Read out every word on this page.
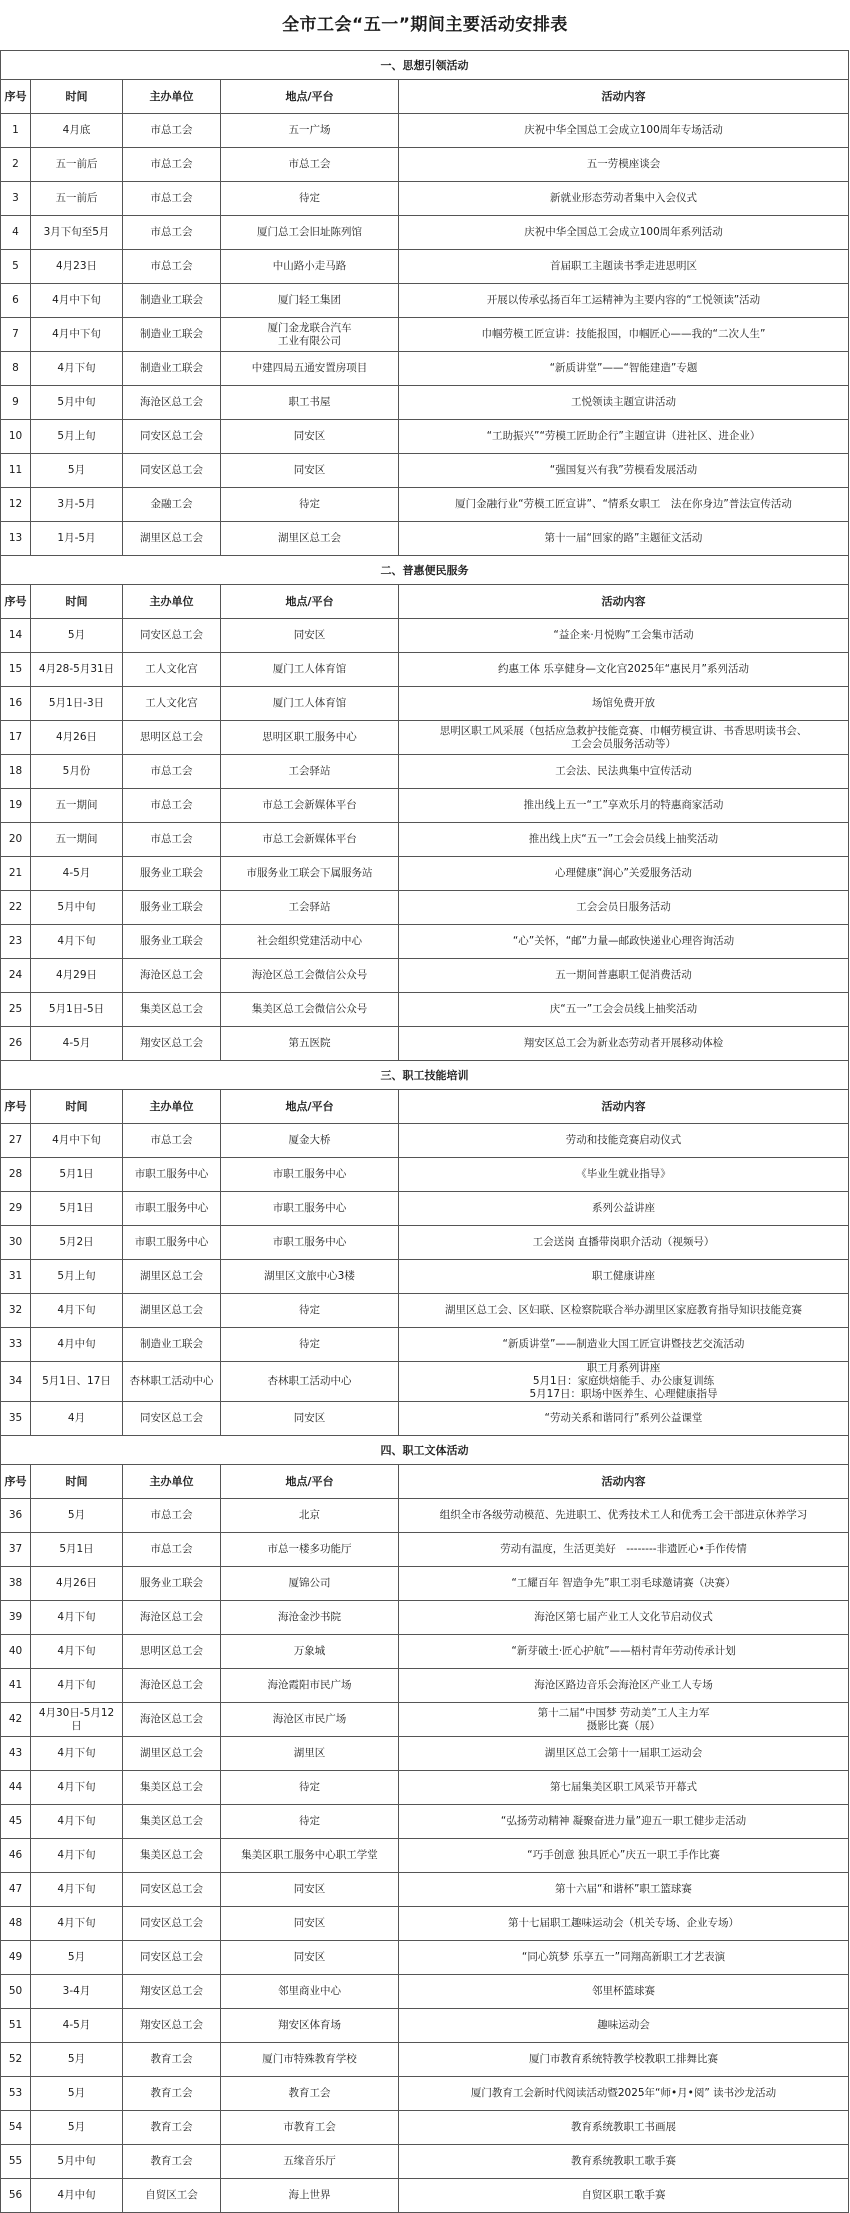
全市工会“五一”期间主要活动安排表
一、思想引领活动				
序号	时间	主办单位	地点/平台	活动内容
1	4月底	市总工会	五一广场	庆祝中华全国总工会成立100周年专场活动
2	五一前后	市总工会	市总工会	五一劳模座谈会
3	五一前后	市总工会	待定	新就业形态劳动者集中入会仪式
4	3月下旬至5月	市总工会	厦门总工会旧址陈列馆	庆祝中华全国总工会成立100周年系列活动
5	4月23日	市总工会	中山路小走马路	首届职工主题读书季走进思明区
6	4月中下旬	制造业工联会	厦门轻工集团	开展以传承弘扬百年工运精神为主要内容的“工悦领读”活动
7	4月中下旬	制造业工联会	厦门金龙联合汽车
工业有限公司	巾帼劳模工匠宣讲：技能报国，巾帼匠心——我的“二次人生”
8	4月下旬	制造业工联会	中建四局五通安置房项目	“新质讲堂”——“智能建造”专题
9	5月中旬	海沧区总工会	职工书屋	工悦领读主题宣讲活动
10	5月上旬	同安区总工会	同安区	“工助振兴”“劳模工匠助企行”主题宣讲（进社区、进企业）
11	5月	同安区总工会	同安区	“强国复兴有我”劳模看发展活动
12	3月-5月	金融工会	待定	厦门金融行业“劳模工匠宣讲”、“情系女职工　法在你身边”普法宣传活动
13	1月-5月	湖里区总工会	湖里区总工会	第十一届“回家的路”主题征文活动
二、普惠便民服务				
序号	时间	主办单位	地点/平台	活动内容
14	5月	同安区总工会	同安区	“益企来·月悦购”工会集市活动
15	4月28-5月31日	工人文化宫	厦门工人体育馆	约惠工体 乐享健身—文化宫2025年“惠民月”系列活动
16	5月1日-3日	工人文化宫	厦门工人体育馆	场馆免费开放
17	4月26日	思明区总工会	思明区职工服务中心	思明区职工风采展（包括应急救护技能竞赛、巾帼劳模宣讲、书香思明读书会、
工会会员服务活动等）
18	5月份	市总工会	工会驿站	工会法、民法典集中宣传活动
19	五一期间	市总工会	市总工会新媒体平台	推出线上五一“工”享欢乐月的特惠商家活动
20	五一期间	市总工会	市总工会新媒体平台	推出线上庆“五一”工会会员线上抽奖活动
21	4-5月	服务业工联会	市服务业工联会下属服务站	心理健康“润心”关爱服务活动
22	5月中旬	服务业工联会	工会驿站	工会会员日服务活动
23	4月下旬	服务业工联会	社会组织党建活动中心	“心”关怀，“邮”力量—邮政快递业心理咨询活动
24	4月29日	海沧区总工会	海沧区总工会微信公众号	五一期间普惠职工促消费活动
25	5月1日-5日	集美区总工会	集美区总工会微信公众号	庆“五一”工会会员线上抽奖活动
26	4-5月	翔安区总工会	第五医院	翔安区总工会为新业态劳动者开展移动体检
三、职工技能培训				
序号	时间	主办单位	地点/平台	活动内容
27	4月中下旬	市总工会	厦金大桥	劳动和技能竞赛启动仪式
28	5月1日	市职工服务中心	市职工服务中心	《毕业生就业指导》
29	5月1日	市职工服务中心	市职工服务中心	系列公益讲座
30	5月2日	市职工服务中心	市职工服务中心	工会送岗 直播带岗职介活动（视频号）
31	5月上旬	湖里区总工会	湖里区文旅中心3楼	职工健康讲座
32	4月下旬	湖里区总工会	待定	湖里区总工会、区妇联、区检察院联合举办湖里区家庭教育指导知识技能竞赛
33	4月中旬	制造业工联会	待定	“新质讲堂”——制造业大国工匠宣讲暨技艺交流活动
34	5月1日、17日	杏林职工活动中心	杏林职工活动中心	职工月系列讲座
5月1日：家庭烘焙能手、办公康复训练
5月17日：职场中医养生、心理健康指导
35	4月	同安区总工会	同安区	“劳动关系和谐同行”系列公益课堂
四、职工文体活动				
序号	时间	主办单位	地点/平台	活动内容
36	5月	市总工会	北京	组织全市各级劳动模范、先进职工、优秀技术工人和优秀工会干部进京休养学习
37	5月1日	市总工会	市总一楼多功能厅	劳动有温度，生活更美好　--------非遗匠心•手作传情
38	4月26日	服务业工联会	厦锦公司	“工耀百年 智造争先”职工羽毛球邀请赛（决赛）
39	4月下旬	海沧区总工会	海沧金沙书院	海沧区第七届产业工人文化节启动仪式
40	4月下旬	思明区总工会	万象城	“新芽破土·匠心护航”——梧村青年劳动传承计划
41	4月下旬	海沧区总工会	海沧霞阳市民广场	海沧区路边音乐会海沧区产业工人专场
42	4月30日-5月12日	海沧区总工会	海沧区市民广场	第十二届“中国梦 劳动美”工人主力军
摄影比赛（展）
43	4月下旬	湖里区总工会	湖里区	湖里区总工会第十一届职工运动会
44	4月下旬	集美区总工会	待定	第七届集美区职工风采节开幕式
45	4月下旬	集美区总工会	待定	“弘扬劳动精神 凝聚奋进力量”迎五一职工健步走活动
46	4月下旬	集美区总工会	集美区职工服务中心职工学堂	“巧手创意 独具匠心”庆五一职工手作比赛
47	4月下旬	同安区总工会	同安区	第十六届“和谐杯”职工篮球赛
48	4月下旬	同安区总工会	同安区	第十七届职工趣味运动会（机关专场、企业专场）
49	5月	同安区总工会	同安区	“同心筑梦 乐享五一”同翔高新职工才艺表演
50	3-4月	翔安区总工会	邻里商业中心	邻里杯篮球赛
51	4-5月	翔安区总工会	翔安区体育场	趣味运动会
52	5月	教育工会	厦门市特殊教育学校	厦门市教育系统特教学校教职工排舞比赛
53	5月	教育工会	教育工会	厦门教育工会新时代阅读活动暨2025年“师•月•阅” 读书沙龙活动
54	5月	教育工会	市教育工会	教育系统教职工书画展
55	5月中旬	教育工会	五缘音乐厅	教育系统教职工歌手赛
56	4月中旬	自贸区工会	海上世界	自贸区职工歌手赛
